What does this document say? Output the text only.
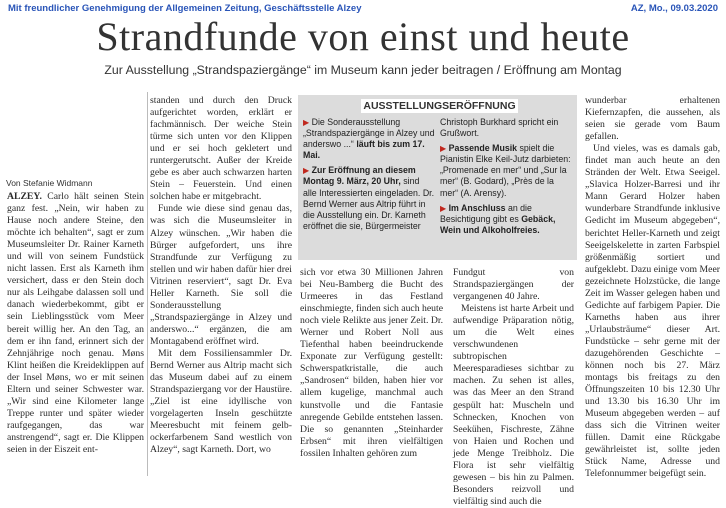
Mit freundlicher Genehmigung der Allgemeinen Zeitung, Geschäftsstelle Alzey	AZ, Mo., 09.03.2020
Strandfunde von einst und heute
Zur Ausstellung „Strandspaziergänge“ im Museum kann jeder beitragen / Eröffnung am Montag
Von Stefanie Widmann

ALZEY. Carlo hält seinen Stein ganz fest. „Nein, wir haben zu Hause noch andere Steine, den möchte ich behalten“, sagt er zum Museumsleiter Dr. Rainer Karneth und will von seinem Fundstück nicht lassen. Erst als Karneth ihm versichert, dass er den Stein doch nur als Leihgabe dalassen soll und danach wiederbekommt, gibt er sein Lieblingsstück vom Meer bereit willig her. An den Tag, an dem er ihn fand, erinnert sich der Zehnjährige noch genau. Møns Klint heißen die Kreideklippen auf der Insel Møns, wo er mit seinen Eltern und seiner Schwester war. „Wir sind eine Kilometer lange Treppe runter und später wieder raufgegangen, das war anstrengend“, sagt er. Die Klippen seien in der Eiszeit ent-

standen und durch den Druck aufgerichtet worden, erklärt er fachmännisch. Der weiche Stein türme sich unten vor den Klippen und er sei hoch gekletert und runtergerutscht. Außer der Kreide gebe es aber auch schwarzen harten Stein – Feuerstein. Und einen solchen habe er mitgebracht.

Funde wie diese sind genau das, was sich die Museumsleiter in Alzey wünschen. „Wir haben die Bürger aufgefordert, uns ihre Strandfunde zur Verfügung zu stellen und wir haben dafür hier drei Vitrinen reserviert“, sagt Dr. Eva Heller Karneth. Sie soll die Sonderausstellung „Strandspaziergänge in Alzey und anderswo...“ ergänzen, die am Montagabend eröffnet wird.

Mit dem Fossiliensammler Dr. Bernd Werner aus Altrip macht sich das Museum dabei auf zu einem Strandspaziergang vor der Haustüre. „Ziel ist eine idyllische von vorgelagerten Inseln geschützte Meeresbucht mit feinem gelb-ockerfarbenem Sand westlich von Alzey“, sagt Karneth. Dort, wo

AUSSTELLUNGSERÖFFNUNG

▶ Die Sonderausstellung „Strandspaziergänge in Alzey und anderswo ...“ läuft bis zum 17. Mai.

▶ Zur Eröffnung an diesem Montag 9. März, 20 Uhr, sind alle Interessierten eingeladen. Dr. Bernd Werner aus Altrip führt in die Ausstellung ein. Dr. Karneth eröffnet die sie, Bürgermeister

Christoph Burkhard spricht ein Grußwort.

▶ Passende Musik spielt die Pianistin Elke Keil-Jutz darbieten: „Promenade en mer“ und „Sur la mer“ (B. Godard), „Près de la mer“ (A. Arensy).

▶ Im Anschluss an die Besichtigung gibt es Gebäck, Wein und Alkoholfreies.

sich vor etwa 30 Millionen Jahren bei Neu-Bamberg die Bucht des Urmeeres in das Festland einschmiegte, finden sich auch heute noch viele Relikte aus jener Zeit. Dr. Werner und Robert Noll aus Tiefenthal haben beeindruckende Exponate zur Verfügung gestellt: Schwerspatkristalle, die auch „Sandrosen“ bilden, haben hier vor allem kugelige, manchmal auch kunstvolle und die Fantasie anregende Gebilde entstehen lassen. Die so genannten „Steinharder Erbsen“ mit ihren vielfältigen fossilen Inhalten gehören zum

Fundgut von Strandspaziergängen der vergangenen 40 Jahre.

Meistens ist harte Arbeit und aufwendige Präparation nötig, um die Welt eines verschwundenen subtropischen Meeresparadieses sichtbar zu machen. Zu sehen ist alles, was das Meer an den Strand gespült hat: Muscheln und Schnecken, Knochen von Seekühen, Fischreste, Zähne von Haien und Rochen und jede Menge Treibholz. Die Flora ist sehr vielfältig gewesen – bis hin zu Palmen. Besonders reizvoll und vielfältig sind auch die

wunderbar erhaltenen Kiefernzapfen, die aussehen, als seien sie gerade vom Baum gefallen.

Und vieles, was es damals gab, findet man auch heute an den Stränden der Welt. Etwa Seeigel. „Slavica Holzer-Barresi und ihr Mann Gerard Holzer haben wunderbare Strandfunde inklusive Gedicht im Museum abgegeben“, berichtet Heller-Karneth und zeigt Seeigelskelette in zarten Farbspiel größenmäßig sortiert und aufgeklebt. Dazu einige vom Meer gezeichnete Holzstücke, die lange Zeit im Wasser gelegen haben und Gedichte auf farbigem Papier. Die Karneths haben aus ihrer „Urlaubsträume“ dieser Art. Fundstücke – sehr gerne mit der dazugehörenden Geschichte – können noch bis 27. März montags bis freitags zu den Öffnungszeiten 10 bis 12.30 Uhr und 13.30 bis 16.30 Uhr im Museum abgegeben werden – auf dass sich die Vitrinen weiter füllen. Damit eine Rückgabe gewährleistet ist, sollte jeden Stück Name, Adresse und Telefonnummer beigefügt sein.
